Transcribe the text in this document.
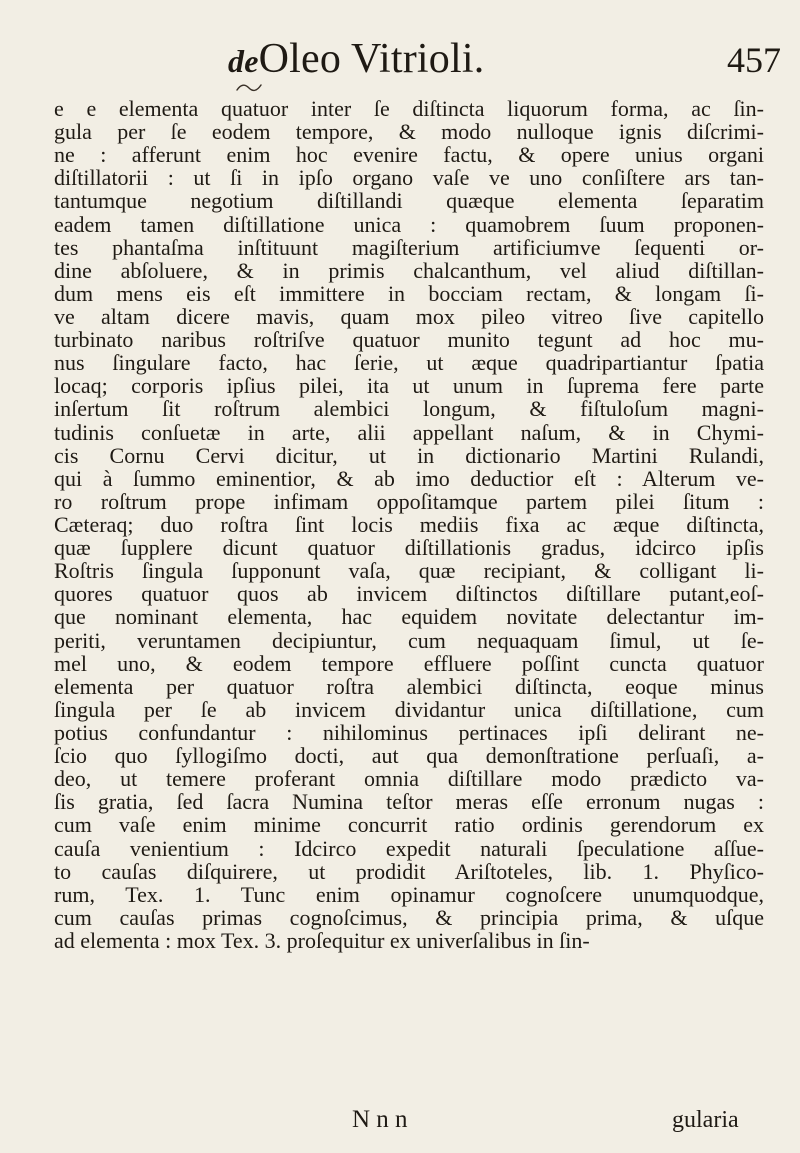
deOleo Vitrioli.	457
e e elementa quatuor inter ſe diſtincta liquorum forma, ac ſin-
gula per ſe eodem tempore, & modo nulloque ignis diſcrimi-
ne : afferunt enim hoc evenire factu, & opere unius organi
diſtillatorii : ut ſi in ipſo organo vaſe ve uno conſiſtere ars tan-
tantumque negotium diſtillandi quæque elementa ſeparatim
eadem tamen diſtillatione unica : quamobrem ſuum proponen-
tes phantaſma inſtituunt magiſterium artificiumve ſequenti or-
dine abſoluere, & in primis chalcanthum, vel aliud diſtillan-
dum mens eis eſt immittere in bocciam rectam, & longam ſi-
ve altam dicere mavis, quam mox pileo vitreo ſive capitello
turbinato naribus roſtriſve quatuor munito tegunt ad hoc mu-
nus ſingulare facto, hac ſerie, ut æque quadripartiantur ſpatia
locaq; corporis ipſius pilei, ita ut unum in ſuprema fere parte
inſertum ſit roſtrum alembici longum, & fiſtuloſum magni-
tudinis conſuetæ in arte, alii appellant naſum, & in Chymi-
cis Cornu Cervi dicitur, ut in dictionario Martini Rulandi,
qui à ſummo eminentior, & ab imo deductior eſt : Alterum ve-
ro roſtrum prope infimam oppoſitamque partem pilei ſitum :
Cæteraq; duo roſtra ſint locis mediis fixa ac æque diſtincta,
quæ ſupplere dicunt quatuor diſtillationis gradus, idcirco ipſis
Roſtris ſingula ſupponunt vaſa, quæ recipiant, & colligant li-
quores quatuor quos ab invicem diſtinctos diſtillare putant,eoſ-
que nominant elementa, hac equidem novitate delectantur im-
periti, veruntamen decipiuntur, cum nequaquam ſimul, ut ſe-
mel uno, & eodem tempore effluere poſſint cuncta quatuor
elementa per quatuor roſtra alembici diſtincta, eoque minus
ſingula per ſe ab invicem dividantur unica diſtillatione, cum
potius confundantur : nihilominus pertinaces ipſi delirant ne-
ſcio quo ſyllogiſmo docti, aut qua demonſtratione perſuaſi, a-
deo, ut temere proferant omnia diſtillare modo prædicto va-
ſis gratia, ſed ſacra Numina teſtor meras eſſe erronum nugas :
cum vaſe enim minime concurrit ratio ordinis gerendorum ex
cauſa venientium : Idcirco expedit naturali ſpeculatione aſſue-
to cauſas diſquirere, ut prodidit Ariſtoteles, lib. 1. Phyſico-
rum, Tex. 1. Tunc enim opinamur cognoſcere unumquodque,
cum cauſas primas cognoſcimus, & principia prima, & uſque
ad elementa : mox Tex. 3. proſequitur ex univerſalibus in ſin-
N n n	gularia
